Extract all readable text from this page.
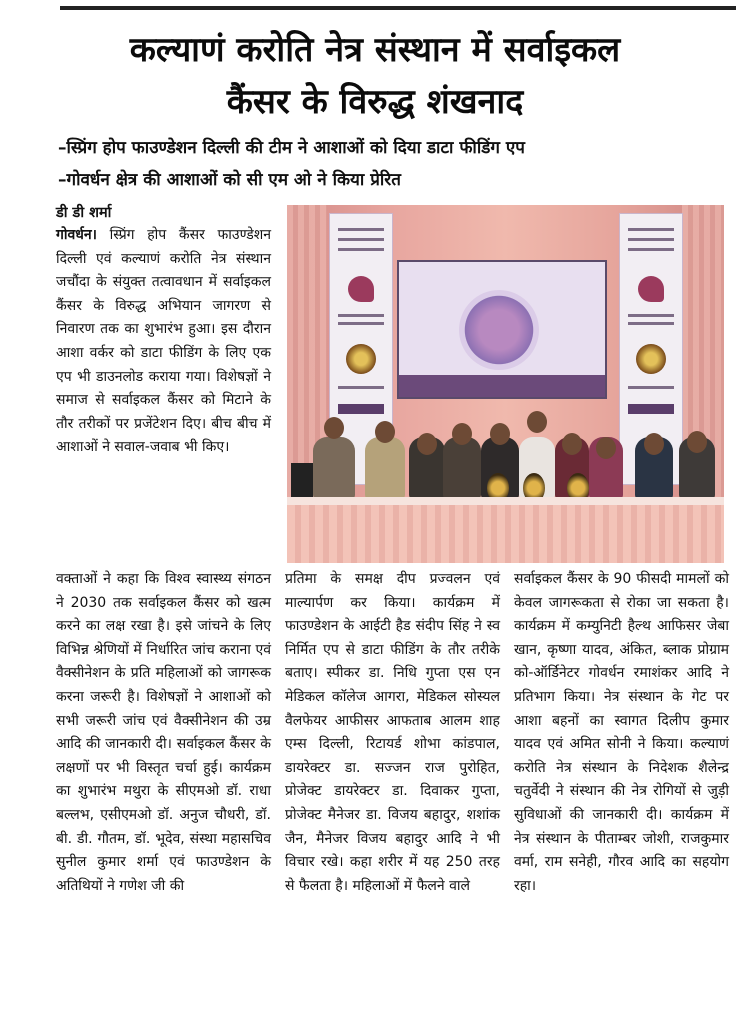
कल्याणं करोति नेत्र संस्थान में सर्वाइकल
कैंसर के विरुद्ध शंखनाद
–स्प्रिंग होप फाउण्डेशन दिल्ली की टीम ने आशाओं को दिया डाटा फीडिंग एप
–गोवर्धन क्षेत्र की आशाओं को सी एम ओ ने किया प्रेरित
डी डी शर्मा

गोवर्धन। स्प्रिंग होप कैंसर फाउण्डेशन दिल्ली एवं कल्याणं करोति नेत्र संस्थान जचौंदा के संयुक्त तत्वावधान में सर्वाइकल कैंसर के विरुद्ध अभियान जागरण से निवारण तक का शुभारंभ हुआ। इस दौरान आशा वर्कर को डाटा फीडिंग के लिए एक एप भी डाउनलोड कराया गया। विशेषज्ञों ने समाज से सर्वाइकल कैंसर को मिटाने के तौर तरीकों पर प्रजेंटेशन दिए। बीच बीच में आशाओं ने सवाल-जवाब भी किए।

वक्ताओं ने कहा कि विश्व स्वास्थ्य संगठन ने 2030 तक सर्वाइकल कैंसर को खत्म करने का लक्ष रखा है। इसे जांचने के लिए विभिन्न श्रेणियों में निर्धारित जांच कराना एवं वैक्सीनेशन के प्रति महिलाओं को जागरूक करना जरूरी है। विशेषज्ञों ने आशाओं को सभी जरूरी जांच एवं वैक्सीनेशन की उम्र आदि की जानकारी दी। सर्वाइकल कैंसर के लक्षणों पर भी विस्तृत चर्चा हुई। कार्यक्रम का शुभारंभ मथुरा के सीएमओ डॉ. राधा बल्लभ, एसीएमओ डॉ. अनुज चौधरी, डॉ. बी. डी. गौतम, डॉ. भूदेव, संस्था महासचिव सुनील कुमार शर्मा एवं फाउण्डेशन के अतिथियों ने गणेश जी की

प्रतिमा के समक्ष दीप प्रज्वलन एवं माल्यार्पण कर किया। कार्यक्रम में फाउण्डेशन के आईटी हैड संदीप सिंह ने स्व निर्मित एप से डाटा फीडिंग के तौर तरीके बताए। स्पीकर डा. निधि गुप्ता एस एन मेडिकल कॉलेज आगरा, मेडिकल सोस्यल वैलफेयर आफीसर आफताब आलम शाह एम्स दिल्ली, रिटायर्ड शोभा कांडपाल, डायरेक्टर डा. सज्जन राज पुरोहित, प्रोजेक्ट डायरेक्टर डा. दिवाकर गुप्ता, प्रोजेक्ट मैनेजर डा. विजय बहादुर, शशांक जैन, मैनेजर विजय बहादुर आदि ने भी विचार रखे। कहा शरीर में यह 250 तरह से फैलता है। महिलाओं में फैलने वाले

सर्वाइकल कैंसर के 90 फीसदी मामलों को केवल जागरूकता से रोका जा सकता है। कार्यक्रम में कम्युनिटी हैल्थ आफिसर जेबा खान, कृष्णा यादव, अंकित, ब्लाक प्रोग्राम को-ऑर्डिनेटर गोवर्धन रमाशंकर आदि ने प्रतिभाग किया। नेत्र संस्थान के गेट पर आशा बहनों का स्वागत दिलीप कुमार यादव एवं अमित सोनी ने किया। कल्याणं करोति नेत्र संस्थान के निदेशक शैलेन्द्र चतुर्वेदी ने संस्थान की नेत्र रोगियों से जुड़ी सुविधाओं की जानकारी दी। कार्यक्रम में नेत्र संस्थान के पीताम्बर जोशी, राजकुमार वर्मा, राम सनेही, गौरव आदि का सहयोग रहा।
